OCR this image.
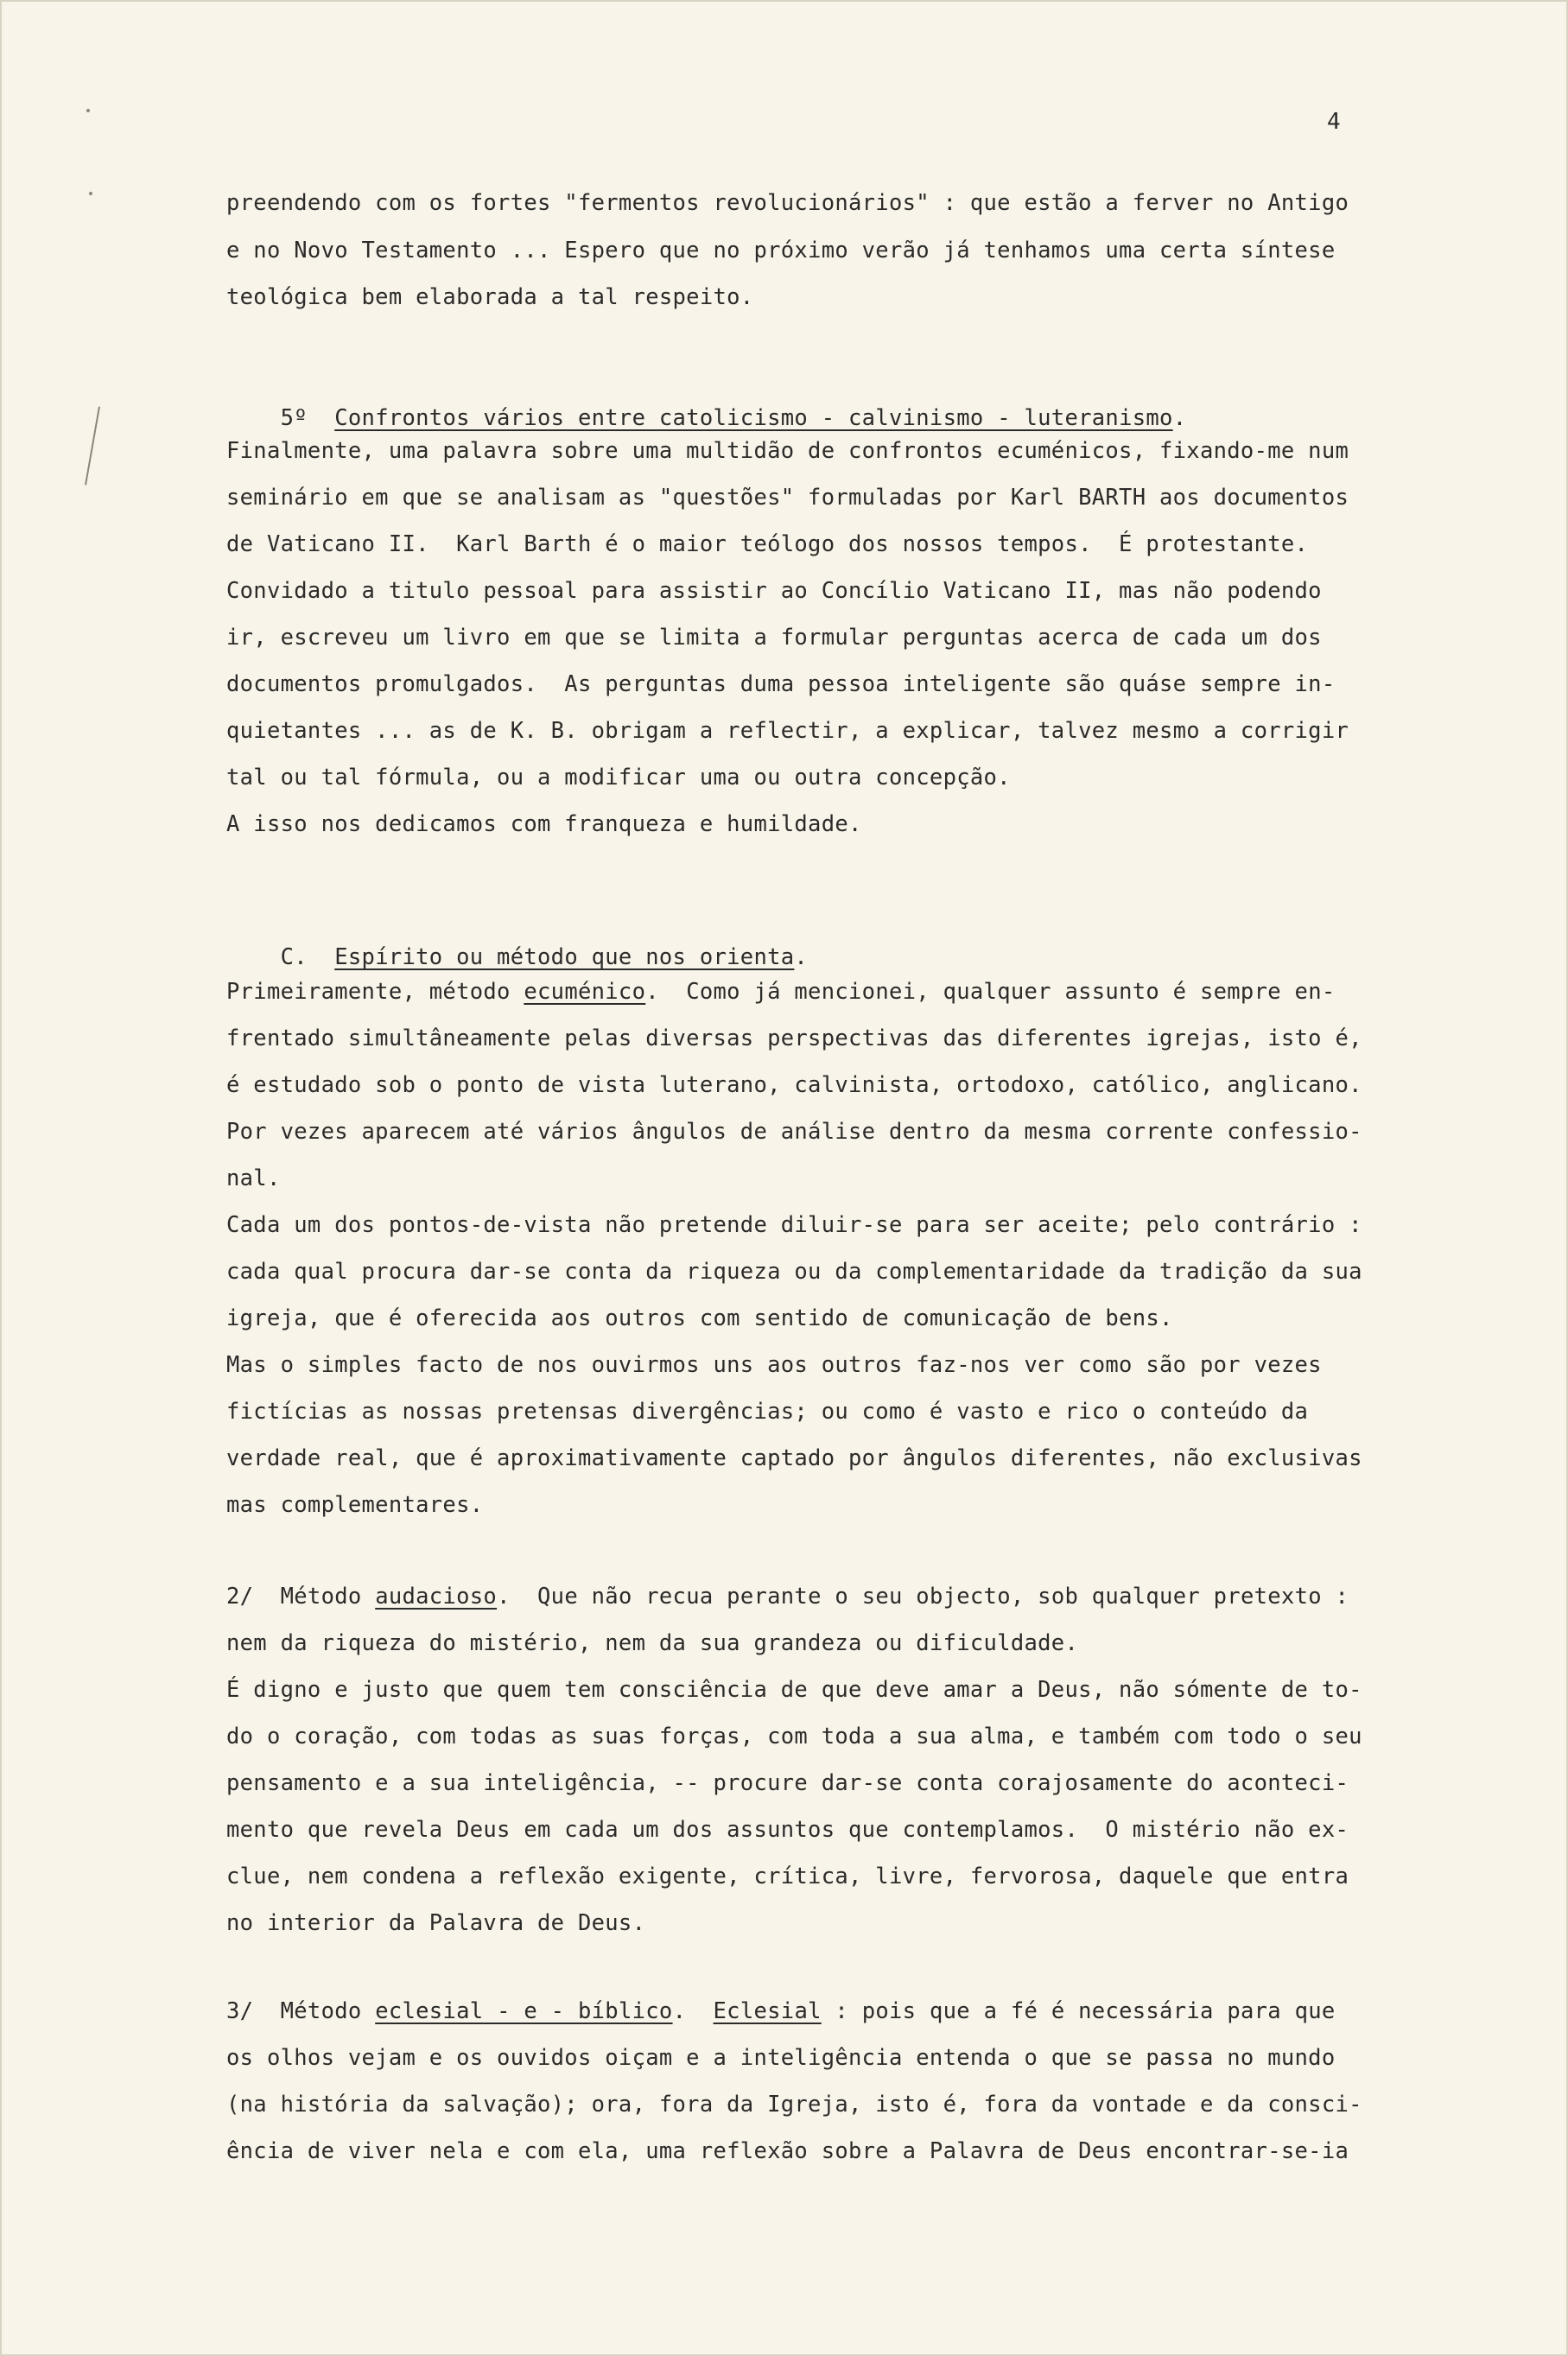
4
preendendo com os fortes "fermentos revolucionários" : que estão a ferver no Antigo
e no Novo Testamento ... Espero que no próximo verão já tenhamos uma certa síntese
teológica bem elaborada a tal respeito.

5º Confrontos vários entre catolicismo - calvinismo - luteranismo.

Finalmente, uma palavra sobre uma multidão de confrontos ecuménicos, fixando-me num
seminário em que se analisam as "questões" formuladas por Karl BARTH aos documentos
de Vaticano II.  Karl Barth é o maior teólogo dos nossos tempos.  É protestante.
Convidado a titulo pessoal para assistir ao Concílio Vaticano II, mas não podendo
ir, escreveu um livro em que se limita a formular perguntas acerca de cada um dos
documentos promulgados.  As perguntas duma pessoa inteligente são quáse sempre in-
quietantes ... as de K. B. obrigam a reflectir, a explicar, talvez mesmo a corrigir
tal ou tal fórmula, ou a modificar uma ou outra concepção.
A isso nos dedicamos com franqueza e humildade.

C. Espírito ou método que nos orienta.

Primeiramente, método ecuménico.  Como já mencionei, qualquer assunto é sempre en-
frentado simultâneamente pelas diversas perspectivas das diferentes igrejas, isto é,
é estudado sob o ponto de vista luterano, calvinista, ortodoxo, católico, anglicano.
Por vezes aparecem até vários ângulos de análise dentro da mesma corrente confessio-
nal.
Cada um dos pontos-de-vista não pretende diluir-se para ser aceite; pelo contrário :
cada qual procura dar-se conta da riqueza ou da complementaridade da tradição da sua
igreja, que é oferecida aos outros com sentido de comunicação de bens.
Mas o simples facto de nos ouvirmos uns aos outros faz-nos ver como são por vezes
fictícias as nossas pretensas divergências; ou como é vasto e rico o conteúdo da
verdade real, que é aproximativamente captado por ângulos diferentes, não exclusivas
mas complementares.
2/ Método audacioso.  Que não recua perante o seu objecto, sob qualquer pretexto :
nem da riqueza do mistério, nem da sua grandeza ou dificuldade.
É digno e justo que quem tem consciência de que deve amar a Deus, não sómente de to-
do o coração, com todas as suas forças, com toda a sua alma, e também com todo o seu
pensamento e a sua inteligência, -- procure dar-se conta corajosamente do aconteci-
mento que revela Deus em cada um dos assuntos que contemplamos.  O mistério não ex-
clue, nem condena a reflexão exigente, crítica, livre, fervorosa, daquele que entra
no interior da Palavra de Deus.
3/ Método eclesial - e - bíblico.  Eclesial : pois que a fé é necessária para que
os olhos vejam e os ouvidos oiçam e a inteligência entenda o que se passa no mundo
(na história da salvação); ora, fora da Igreja, isto é, fora da vontade e da consci-
ência de viver nela e com ela, uma reflexão sobre a Palavra de Deus encontrar-se-ia
